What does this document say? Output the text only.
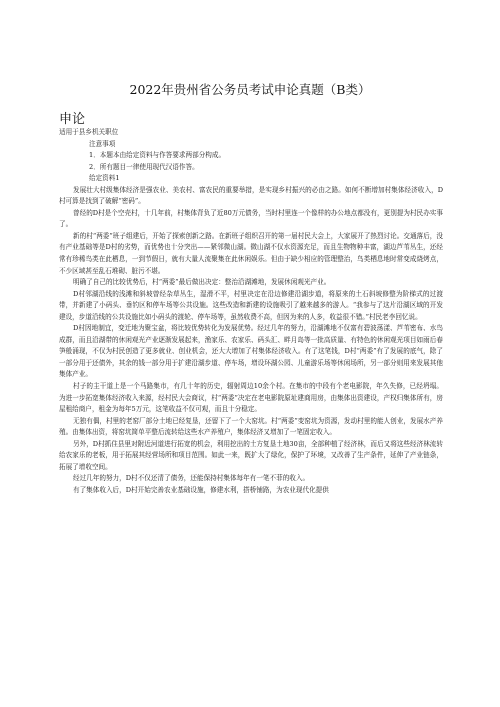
2022年贵州省公务员考试申论真题（B类）
申论

适用于县乡机关职位

注意事项

1．本题本由给定资料与作答要求两部分构成。

2．所有题目一律使用现代汉语作答。

给定资料1

发展壮大村级集体经济是强农业、美农村、富农民的重要举措，是实现乡村振兴的必由之路。如何不断增加村集体经济收入，D村可算是找到了破解“密码”。

曾经的D村是个空壳村，十几年前，村集体背负了近80万元债务，当时村里连一个像样的办公地点都没有，更别提为村民办实事了。

新的村“两委”班子组建后，开始了探索创新之路。在新班子组织召开的第一届村民大会上，大家展开了热烈讨论。交通落后，没有产业基础等是D村的劣势，而优势也十分突出——紧邻微山湖。微山湖不仅水资源充足，而且生物物种丰富，湖边芦苇丛生，还经常有珍稀鸟类在此栖息，一到节假日，就有大量人流聚集在此休闲娱乐。但由于缺少相应的管理整治，鸟类栖息地时常变成烧烤点，不少区域甚至乱石堆砌、脏污不堪。

明确了自己的比较优势后，村“两委”最后做出决定：整治沿湖滩地，发展休闲观光产业。

D村邻湖沿线的浅滩和斜坡曾经杂草丛生，湿滑不平，村里决定在沿边修建沿湖步道，将原来的土石斜坡修整为阶梯式的过渡带，并新建了小码头、垂钓区和停车场等公共设施。这些改造和新建的设施吸引了越来越多的游人。“我参与了这片沿湖区域的开发建设，步道沿线的公共设施比如小码头的渡轮、停车场等，虽然收费不高，但因为来的人多，收益很不错。”村民老李回忆说。

D村因地制宜，变迁地为聚宝盆，将比较优势转化为发展优势。经过几年的努力，沿湖滩地不仅富有碧波荡漾、芦苇密布、水鸟成群，而且沿湖带的休闲观光产业逐渐发展起来，渔家乐、农家乐、码头汇、畔月岛等一批高质量、有特色的休闲观光项目如雨后春笋般涌现，不仅为村民创造了更多就业、创业机会，还大大增加了村集体经济收入。有了这笔钱，D村“两委”有了发展的底气，除了一部分用于还债外，其余的钱一部分用于扩建沿湖步道、停车场，增设环湖公园、儿童游乐场等休闲场所，另一部分则用来发展其他集体产业。

村子的主干道上是一个马路集市，有几十年的历史，辐射周边10余个村。在集市的中段有个老电影院，年久失修，已经坍塌。为进一步拓宽集体经济收入来源，经村民大会商议，村“两委”决定在老电影院原址建商用房，由集体出资建设，产权归集体所有，房屋租给商户，租金为每年5万元，这笔收益不仅可观，而且十分稳定。

无独有偶，村里的老窑厂部分土地已经复垦，还留下了一个大窑坑。村“两委”变窑坑为资源，发动村里的能人创业，发展水产养殖。由集体出资，将窑坑简单平整后流转给这些水产养殖户，集体经济又增加了一笔固定收入。

另外，D村抓住县里对附近河道进行拓宽的机会，利用挖出的土方复垦土地30亩，全部种植了经济林，而后又将这些经济林流转给农家乐的老板，用于拓展其经营场所和项目范围。如此一来，既扩大了绿化，保护了环境，又改善了生产条件，延伸了产业链条，拓展了增收空间。

经过几年的努力，D村不仅还清了债务，还能保持村集体每年有一笔不菲的收入。

有了集体收入后，D村开始完善农业基础设施，修建水利，搭桥铺路，为农业现代化提供
